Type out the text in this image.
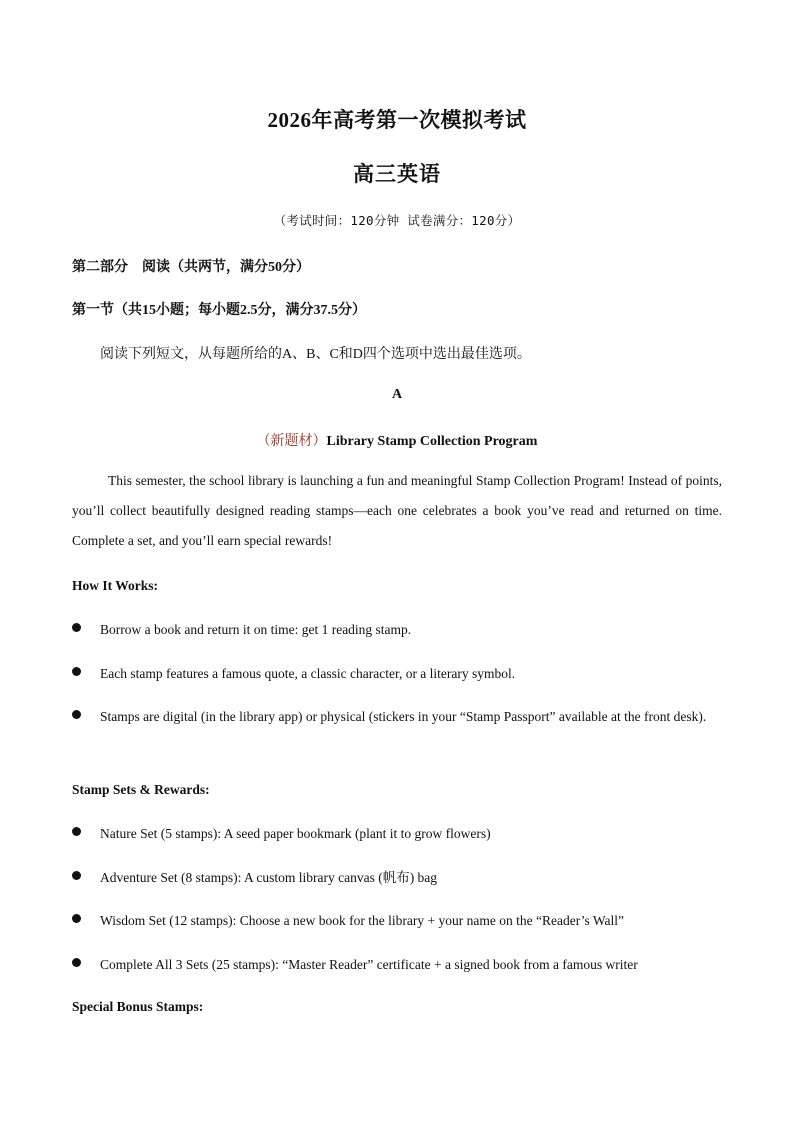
2026年高考第一次模拟考试
高三英语
（考试时间：120分钟 试卷满分：120分）
第二部分　阅读（共两节，满分50分）
第一节（共15小题；每小题2.5分，满分37.5分）
阅读下列短文，从每题所给的A、B、C和D四个选项中选出最佳选项。
A
（新题材）Library Stamp Collection Program
This semester, the school library is launching a fun and meaningful Stamp Collection Program! Instead of points, you’ll collect beautifully designed reading stamps—each one celebrates a book you’ve read and returned on time. Complete a set, and you’ll earn special rewards!
How It Works:
Borrow a book and return it on time: get 1 reading stamp.
Each stamp features a famous quote, a classic character, or a literary symbol.
Stamps are digital (in the library app) or physical (stickers in your “Stamp Passport” available at the front desk).
Stamp Sets & Rewards:
Nature Set (5 stamps): A seed paper bookmark (plant it to grow flowers)
Adventure Set (8 stamps): A custom library canvas (帆布) bag
Wisdom Set (12 stamps): Choose a new book for the library + your name on the “Reader’s Wall”
Complete All 3 Sets (25 stamps): “Master Reader” certificate + a signed book from a famous writer
Special Bonus Stamps:
